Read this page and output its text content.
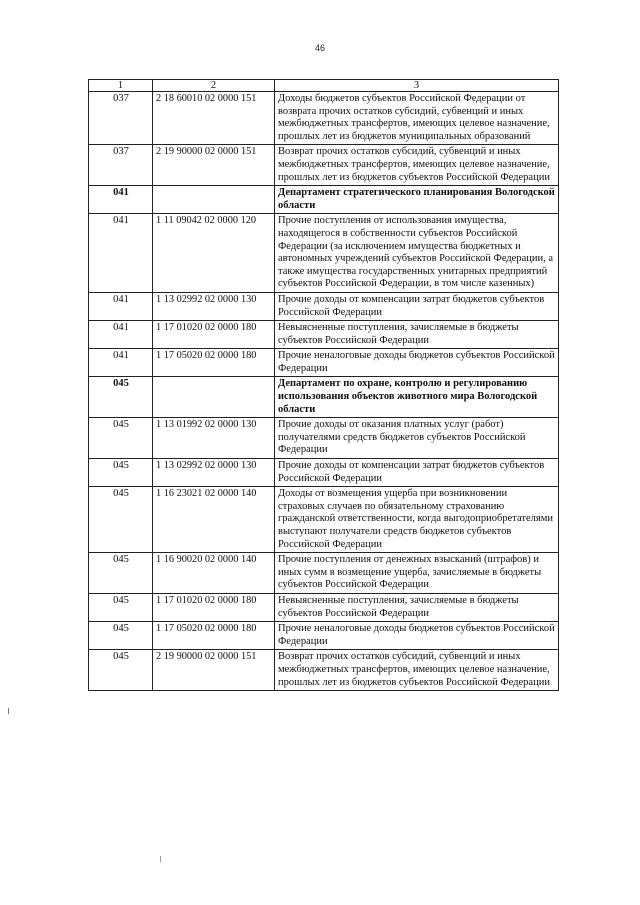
46
1	2	3
037	2 18 60010 02 0000 151	Доходы бюджетов субъектов Российской Федерации от возврата прочих остатков субсидий, субвенций и иных межбюджетных трансфертов, имеющих целевое назначение, прошлых лет из бюджетов муниципальных образований
037	2 19 90000 02 0000 151	Возврат прочих остатков субсидий, субвенций и иных межбюджетных трансфертов, имеющих целевое назначение, прошлых лет из бюджетов субъектов Российской Федерации
041		Департамент стратегического планирования Вологодской области
041	1 11 09042 02 0000 120	Прочие поступления от использования имущества, находящегося в собственности субъектов Российской Федерации (за исключением имущества бюджетных и автономных учреждений субъектов Российской Федерации, а также имущества государственных унитарных предприятий субъектов Российской Федерации, в том числе казенных)
041	1 13 02992 02 0000 130	Прочие доходы от компенсации затрат бюджетов субъектов Российской Федерации
041	1 17 01020 02 0000 180	Невыясненные поступления, зачисляемые в бюджеты субъектов Российской Федерации
041	1 17 05020 02 0000 180	Прочие неналоговые доходы бюджетов субъектов Российской Федерации
045		Департамент по охране, контролю и регулированию использования объектов животного мира Вологодской области
045	1 13 01992 02 0000 130	Прочие доходы от оказания платных услуг (работ) получателями средств бюджетов субъектов Российской Федерации
045	1 13 02992 02 0000 130	Прочие доходы от компенсации затрат бюджетов субъектов Российской Федерации
045	1 16 23021 02 0000 140	Доходы от возмещения ущерба при возникновении страховых случаев по обязательному страхованию гражданской ответственности, когда выгодоприобретателями выступают получатели средств бюджетов субъектов Российской Федерации
045	1 16 90020 02 0000 140	Прочие поступления от денежных взысканий (штрафов) и иных сумм в возмещение ущерба, зачисляемые в бюджеты субъектов Российской Федерации
045	1 17 01020 02 0000 180	Невыясненные поступления, зачисляемые в бюджеты субъектов Российской Федерации
045	1 17 05020 02 0000 180	Прочие неналоговые доходы бюджетов субъектов Российской Федерации
045	2 19 90000 02 0000 151	Возврат прочих остатков субсидий, субвенций и иных межбюджетных трансфертов, имеющих целевое назначение, прошлых лет из бюджетов субъектов Российской Федерации
